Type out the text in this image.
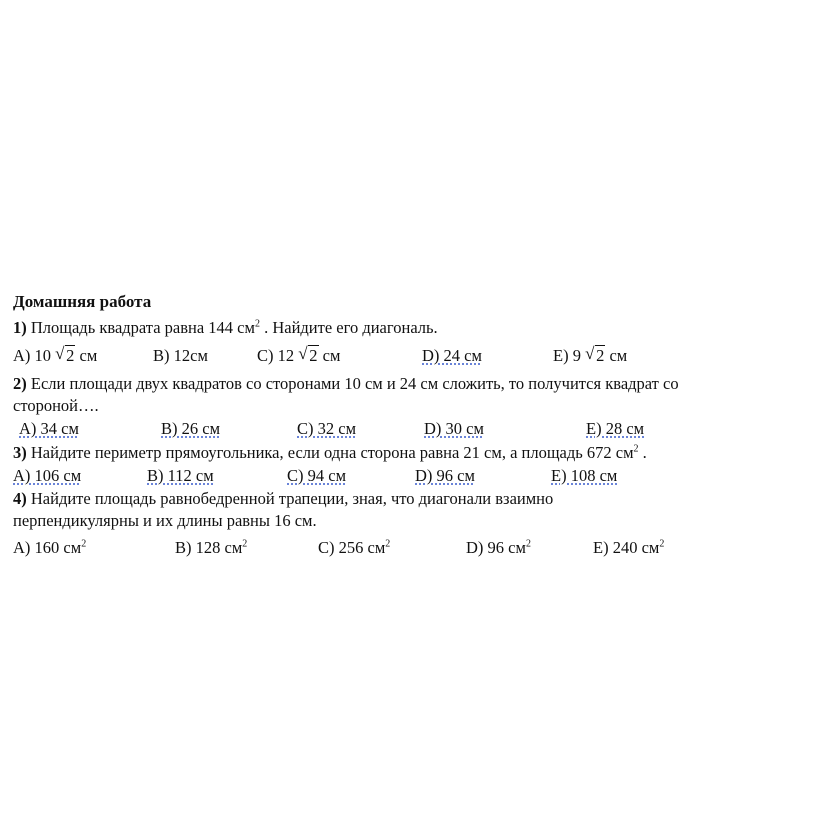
Домашняя работа
1) Площадь квадрата равна 144 $см^2$ . Найдите его диагональ.
А) 10 √ 2 см	В) 12см	С) 12 √ 2 см	D) 24 см	Е) 9 √ 2 см
2) Если площади двух квадратов со сторонами 10 см и 24 см сложить, то получится квадрат со
стороной….
А) 34 см	В) 26 см	С) 32 см	D) 30 см	Е) 28 см
3) Найдите периметр прямоугольника, если одна сторона равна 21 см, а площадь 672 $см^2$ .
А) 106 см	В) 112 см	С) 94 см	D) 96 см	Е) 108 см
4) Найдите площадь равнобедренной трапеции, зная, что диагонали взаимно
перпендикулярны и их длины равны 16 см.
А) 160 $см^2$	В) 128 $см^2$	С) 256 $см^2$	D) 96 $см^2$	Е) 240 $см^2$
